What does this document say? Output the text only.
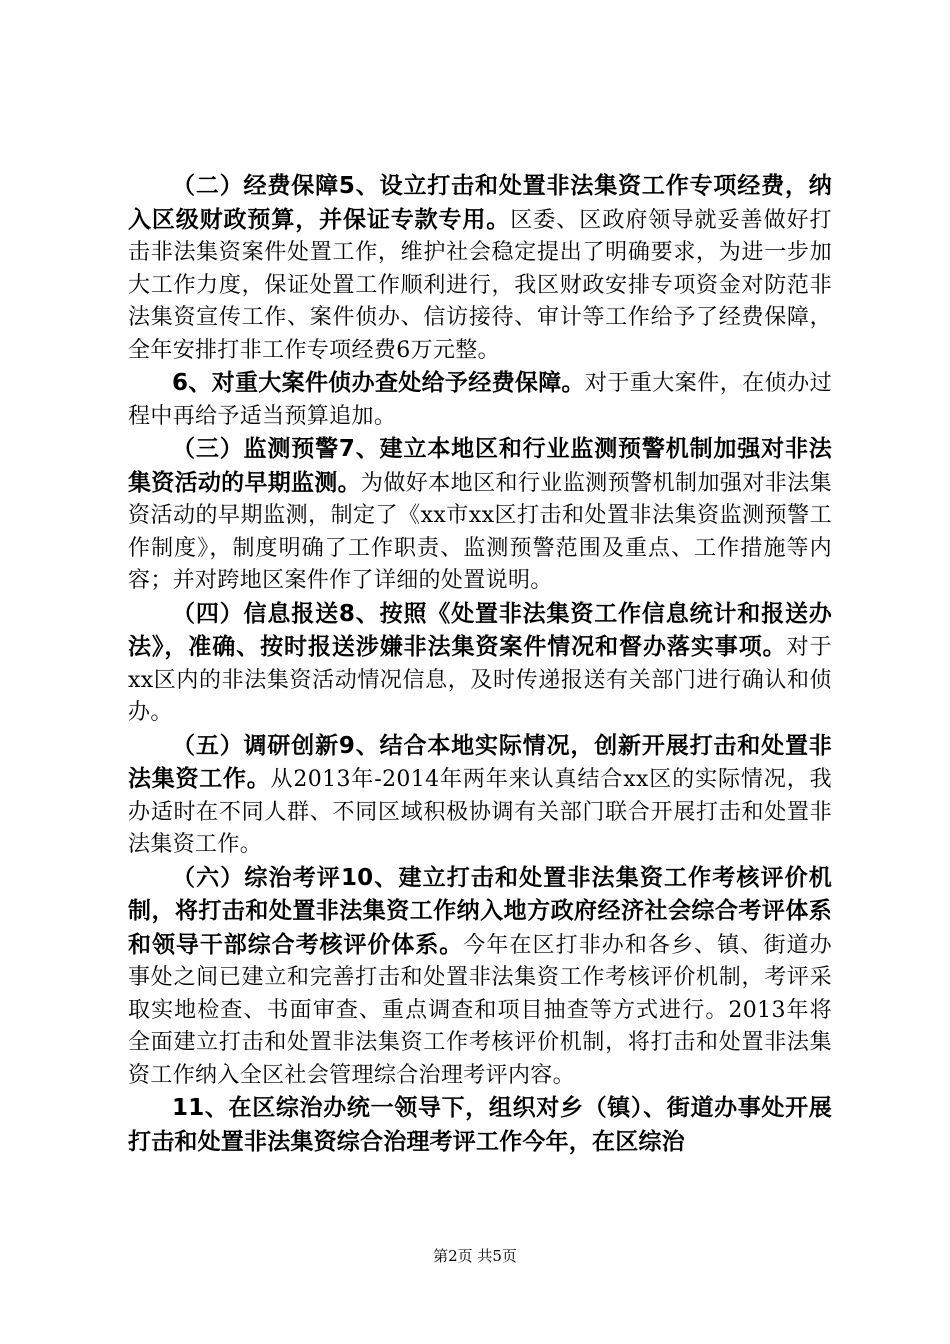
（二）经费保障5、设立打击和处置非法集资工作专项经费，纳入区级财政预算，并保证专款专用。区委、区政府领导就妥善做好打击非法集资案件处置工作，维护社会稳定提出了明确要求，为进一步加大工作力度，保证处置工作顺利进行，我区财政安排专项资金对防范非法集资宣传工作、案件侦办、信访接待、审计等工作给予了经费保障，全年安排打非工作专项经费6万元整。

6、对重大案件侦办查处给予经费保障。对于重大案件，在侦办过程中再给予适当预算追加。

（三）监测预警7、建立本地区和行业监测预警机制加强对非法集资活动的早期监测。为做好本地区和行业监测预警机制加强对非法集资活动的早期监测，制定了《xx市xx区打击和处置非法集资监测预警工作制度》，制度明确了工作职责、监测预警范围及重点、工作措施等内容；并对跨地区案件作了详细的处置说明。

（四）信息报送8、按照《处置非法集资工作信息统计和报送办法》，准确、按时报送涉嫌非法集资案件情况和督办落实事项。对于xx区内的非法集资活动情况信息，及时传递报送有关部门进行确认和侦办。

（五）调研创新9、结合本地实际情况，创新开展打击和处置非法集资工作。从2013年-2014年两年来认真结合xx区的实际情况，我办适时在不同人群、不同区域积极协调有关部门联合开展打击和处置非法集资工作。

（六）综治考评10、建立打击和处置非法集资工作考核评价机制，将打击和处置非法集资工作纳入地方政府经济社会综合考评体系和领导干部综合考核评价体系。今年在区打非办和各乡、镇、街道办事处之间已建立和完善打击和处置非法集资工作考核评价机制，考评采取实地检查、书面审查、重点调查和项目抽查等方式进行。2013年将全面建立打击和处置非法集资工作考核评价机制，将打击和处置非法集资工作纳入全区社会管理综合治理考评内容。

11、在区综治办统一领导下，组织对乡（镇）、街道办事处开展打击和处置非法集资综合治理考评工作今年，在区综治

第2页 共5页
